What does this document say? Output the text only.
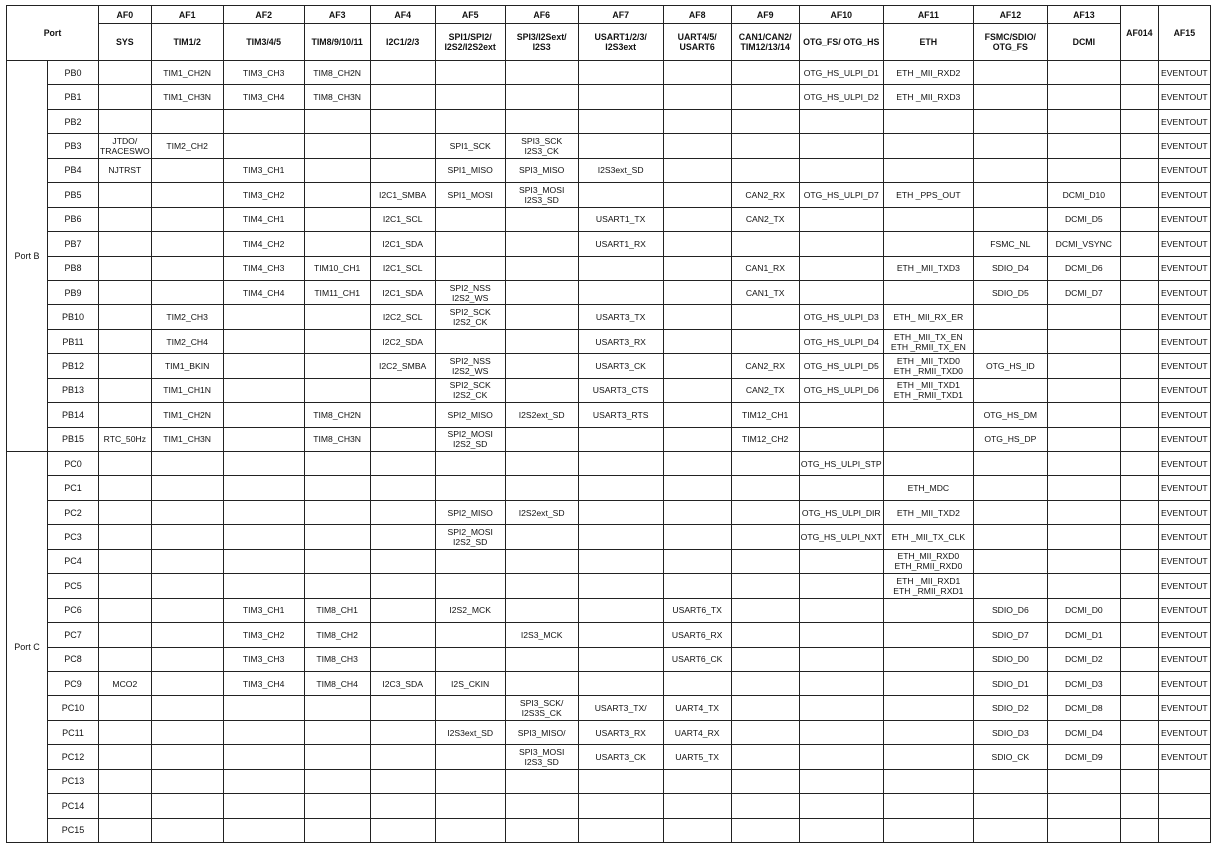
Port		AF0	AF1	AF2	AF3	AF4	AF5	AF6	AF7	AF8	AF9	AF10	AF11	AF12	AF13	AF014	AF15
		SYS	TIM1/2	TIM3/4/5	TIM8/9/10/11	I2C1/2/3	SPI1/SPI2/
I2S2/I2S2ext	SPI3/I2Sext/
I2S3	USART1/2/3/
I2S3ext	UART4/5/
USART6	CAN1/CAN2/
TIM12/13/14	OTG_FS/ OTG_HS	ETH	FSMC/SDIO/
OTG_FS	DCMI		
Port B	PB0		TIM1_CH2N	TIM3_CH3	TIM8_CH2N							OTG_HS_ULPI_D1	ETH _MII_RXD2				EVENTOUT
	PB1		TIM1_CH3N	TIM3_CH4	TIM8_CH3N							OTG_HS_ULPI_D2	ETH _MII_RXD3				EVENTOUT
	PB2																EVENTOUT
	PB3	JTDO/
TRACESWO	TIM2_CH2				SPI1_SCK	SPI3_SCK
I2S3_CK									EVENTOUT
	PB4	NJTRST		TIM3_CH1			SPI1_MISO	SPI3_MISO	I2S3ext_SD								EVENTOUT
	PB5			TIM3_CH2		I2C1_SMBA	SPI1_MOSI	SPI3_MOSI
I2S3_SD			CAN2_RX	OTG_HS_ULPI_D7	ETH _PPS_OUT		DCMI_D10		EVENTOUT
	PB6			TIM4_CH1		I2C1_SCL			USART1_TX		CAN2_TX				DCMI_D5		EVENTOUT
	PB7			TIM4_CH2		I2C1_SDA			USART1_RX					FSMC_NL	DCMI_VSYNC		EVENTOUT
	PB8			TIM4_CH3	TIM10_CH1	I2C1_SCL					CAN1_RX		ETH _MII_TXD3	SDIO_D4	DCMI_D6		EVENTOUT
	PB9			TIM4_CH4	TIM11_CH1	I2C1_SDA	SPI2_NSS
I2S2_WS				CAN1_TX			SDIO_D5	DCMI_D7		EVENTOUT
	PB10		TIM2_CH3			I2C2_SCL	SPI2_SCK
I2S2_CK		USART3_TX			OTG_HS_ULPI_D3	ETH_ MII_RX_ER				EVENTOUT
	PB11		TIM2_CH4			I2C2_SDA			USART3_RX			OTG_HS_ULPI_D4	ETH _MII_TX_EN
ETH _RMII_TX_EN				EVENTOUT
	PB12		TIM1_BKIN			I2C2_SMBA	SPI2_NSS
I2S2_WS		USART3_CK		CAN2_RX	OTG_HS_ULPI_D5	ETH _MII_TXD0
ETH _RMII_TXD0	OTG_HS_ID			EVENTOUT
	PB13		TIM1_CH1N				SPI2_SCK
I2S2_CK		USART3_CTS		CAN2_TX	OTG_HS_ULPI_D6	ETH _MII_TXD1
ETH _RMII_TXD1				EVENTOUT
	PB14		TIM1_CH2N		TIM8_CH2N		SPI2_MISO	I2S2ext_SD	USART3_RTS		TIM12_CH1			OTG_HS_DM			EVENTOUT
	PB15	RTC_50Hz	TIM1_CH3N		TIM8_CH3N		SPI2_MOSI
I2S2_SD				TIM12_CH2			OTG_HS_DP			EVENTOUT
Port C	PC0											OTG_HS_ULPI_STP					EVENTOUT
	PC1												ETH_MDC				EVENTOUT
	PC2						SPI2_MISO	I2S2ext_SD				OTG_HS_ULPI_DIR	ETH _MII_TXD2				EVENTOUT
	PC3						SPI2_MOSI
I2S2_SD					OTG_HS_ULPI_NXT	ETH _MII_TX_CLK				EVENTOUT
	PC4												ETH_MII_RXD0
ETH_RMII_RXD0				EVENTOUT
	PC5												ETH _MII_RXD1
ETH _RMII_RXD1				EVENTOUT
	PC6			TIM3_CH1	TIM8_CH1		I2S2_MCK			USART6_TX				SDIO_D6	DCMI_D0		EVENTOUT
	PC7			TIM3_CH2	TIM8_CH2			I2S3_MCK		USART6_RX				SDIO_D7	DCMI_D1		EVENTOUT
	PC8			TIM3_CH3	TIM8_CH3					USART6_CK				SDIO_D0	DCMI_D2		EVENTOUT
	PC9	MCO2		TIM3_CH4	TIM8_CH4	I2C3_SDA	I2S_CKIN							SDIO_D1	DCMI_D3		EVENTOUT
	PC10							SPI3_SCK/
I2S3S_CK	USART3_TX/	UART4_TX				SDIO_D2	DCMI_D8		EVENTOUT
	PC11						I2S3ext_SD	SPI3_MISO/	USART3_RX	UART4_RX				SDIO_D3	DCMI_D4		EVENTOUT
	PC12							SPI3_MOSI
I2S3_SD	USART3_CK	UART5_TX				SDIO_CK	DCMI_D9		EVENTOUT
	PC13																
	PC14																
	PC15																
